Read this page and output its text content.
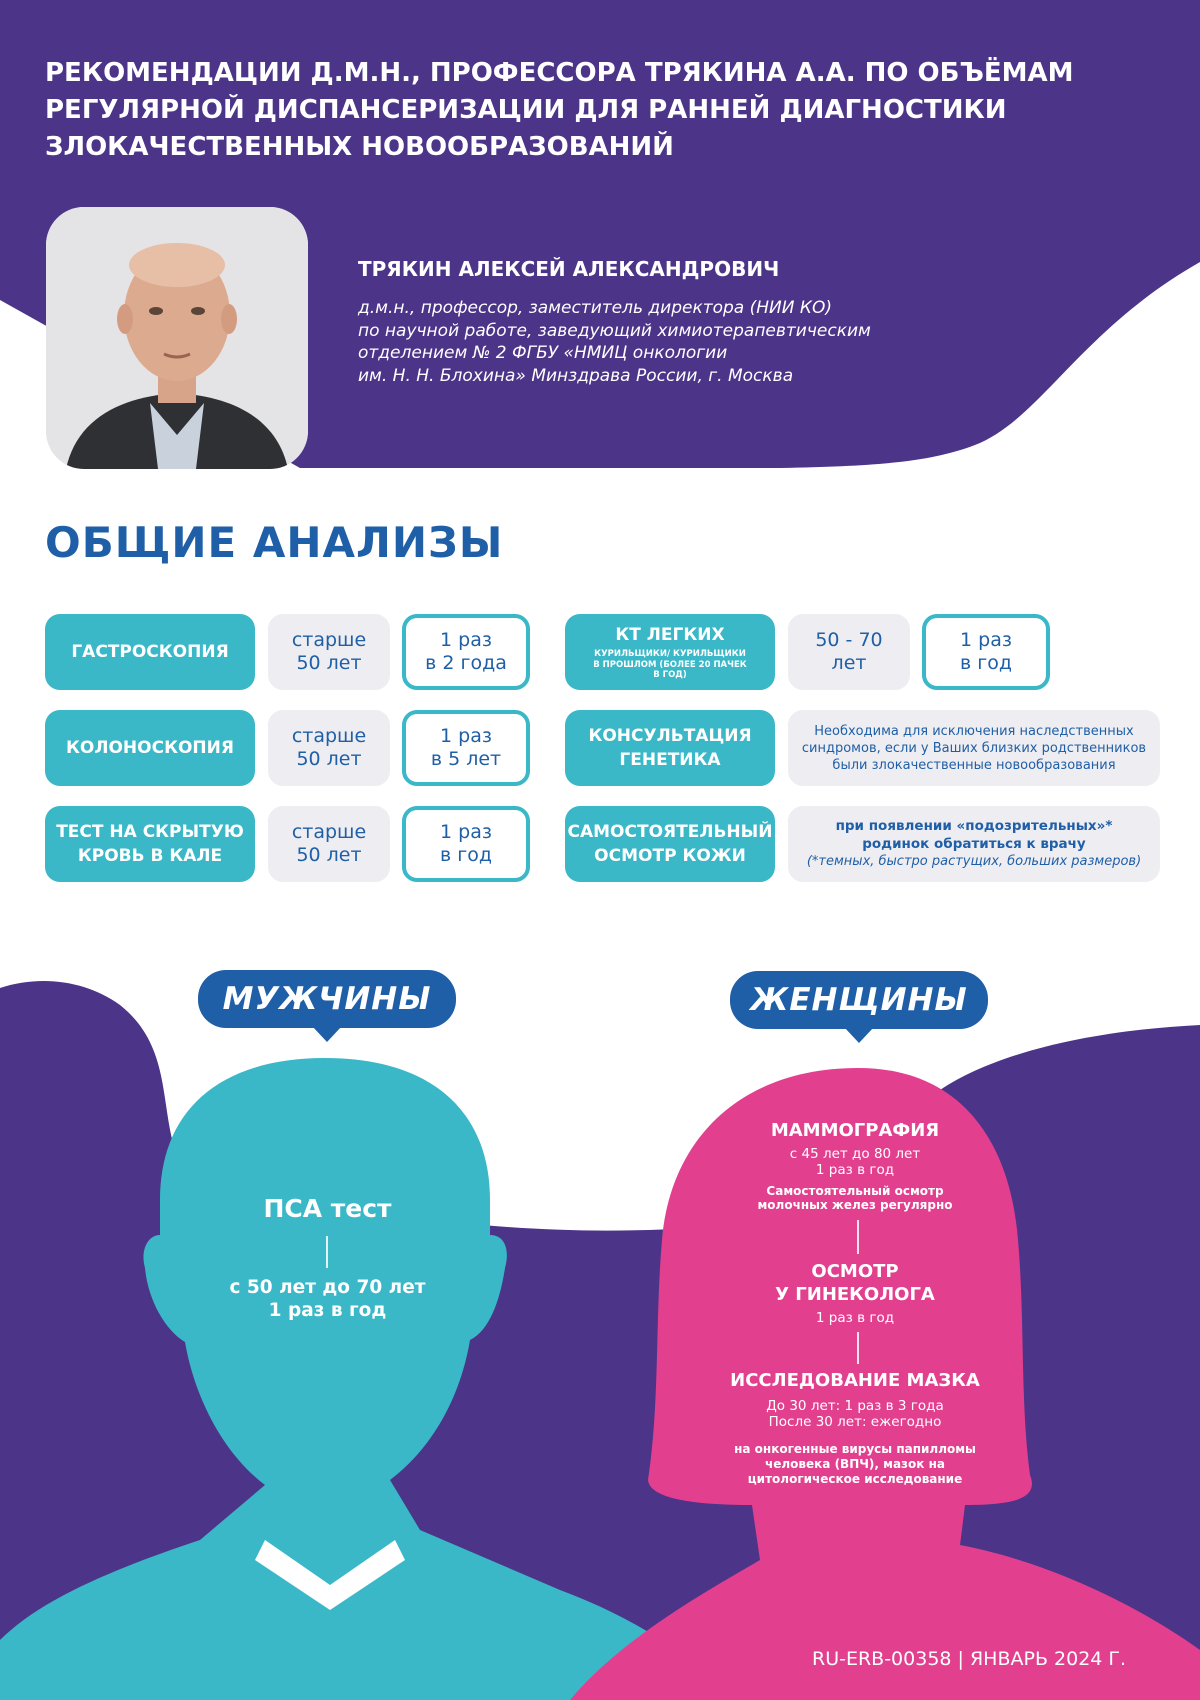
РЕКОМЕНДАЦИИ Д.М.Н., ПРОФЕССОРА ТРЯКИНА А.А. ПО ОБЪЁМАМ
РЕГУЛЯРНОЙ ДИСПАНСЕРИЗАЦИИ ДЛЯ РАННЕЙ ДИАГНОСТИКИ
ЗЛОКАЧЕСТВЕННЫХ НОВООБРАЗОВАНИЙ
ТРЯКИН АЛЕКСЕЙ АЛЕКСАНДРОВИЧ
д.м.н., профессор, заместитель директора (НИИ КО)
по научной работе, заведующий химиотерапевтическим
отделением № 2 ФГБУ «НМИЦ онкологии
им. Н. Н. Блохина» Минздрава России, г. Москва
ОБЩИЕ АНАЛИЗЫ
ГАСТРОСКОПИЯ
старше
50 лет
1 раз
в 2 года
КОЛОНОСКОПИЯ
старше
50 лет
1 раз
в 5 лет
ТЕСТ НА СКРЫТУЮ
КРОВЬ В КАЛЕ
старше
50 лет
1 раз
в год
КТ ЛЕГКИХ
КУРИЛЬЩИКИ/ КУРИЛЬЩИКИ
В ПРОШЛОМ (БОЛЕЕ 20 ПАЧЕК
В ГОД)
50 - 70
лет
1 раз
в год
КОНСУЛЬТАЦИЯ
ГЕНЕТИКА
Необходима для исключения наследственных
синдромов, если у Ваших близких родственников
были злокачественные новообразования
САМОСТОЯТЕЛЬНЫЙ
ОСМОТР КОЖИ
при появлении «подозрительных»*
родинок обратиться к врачу
(*темных, быстро растущих, больших размеров)
МУЖЧИНЫ	ЖЕНЩИНЫ
ПСА тест
с 50 лет до 70 лет
1 раз в год
МАММОГРАФИЯ
с 45 лет до 80 лет
1 раз в год
Самостоятельный осмотр
молочных желез регулярно
ОСМОТР
У ГИНЕКОЛОГА
1 раз в год
ИССЛЕДОВАНИЕ МАЗКА
До 30 лет: 1 раз в 3 года
После 30 лет: ежегодно
на онкогенные вирусы папилломы
человека (ВПЧ), мазок на
цитологическое исследование
RU-ERB-00358 | ЯНВАРЬ 2024 Г.
